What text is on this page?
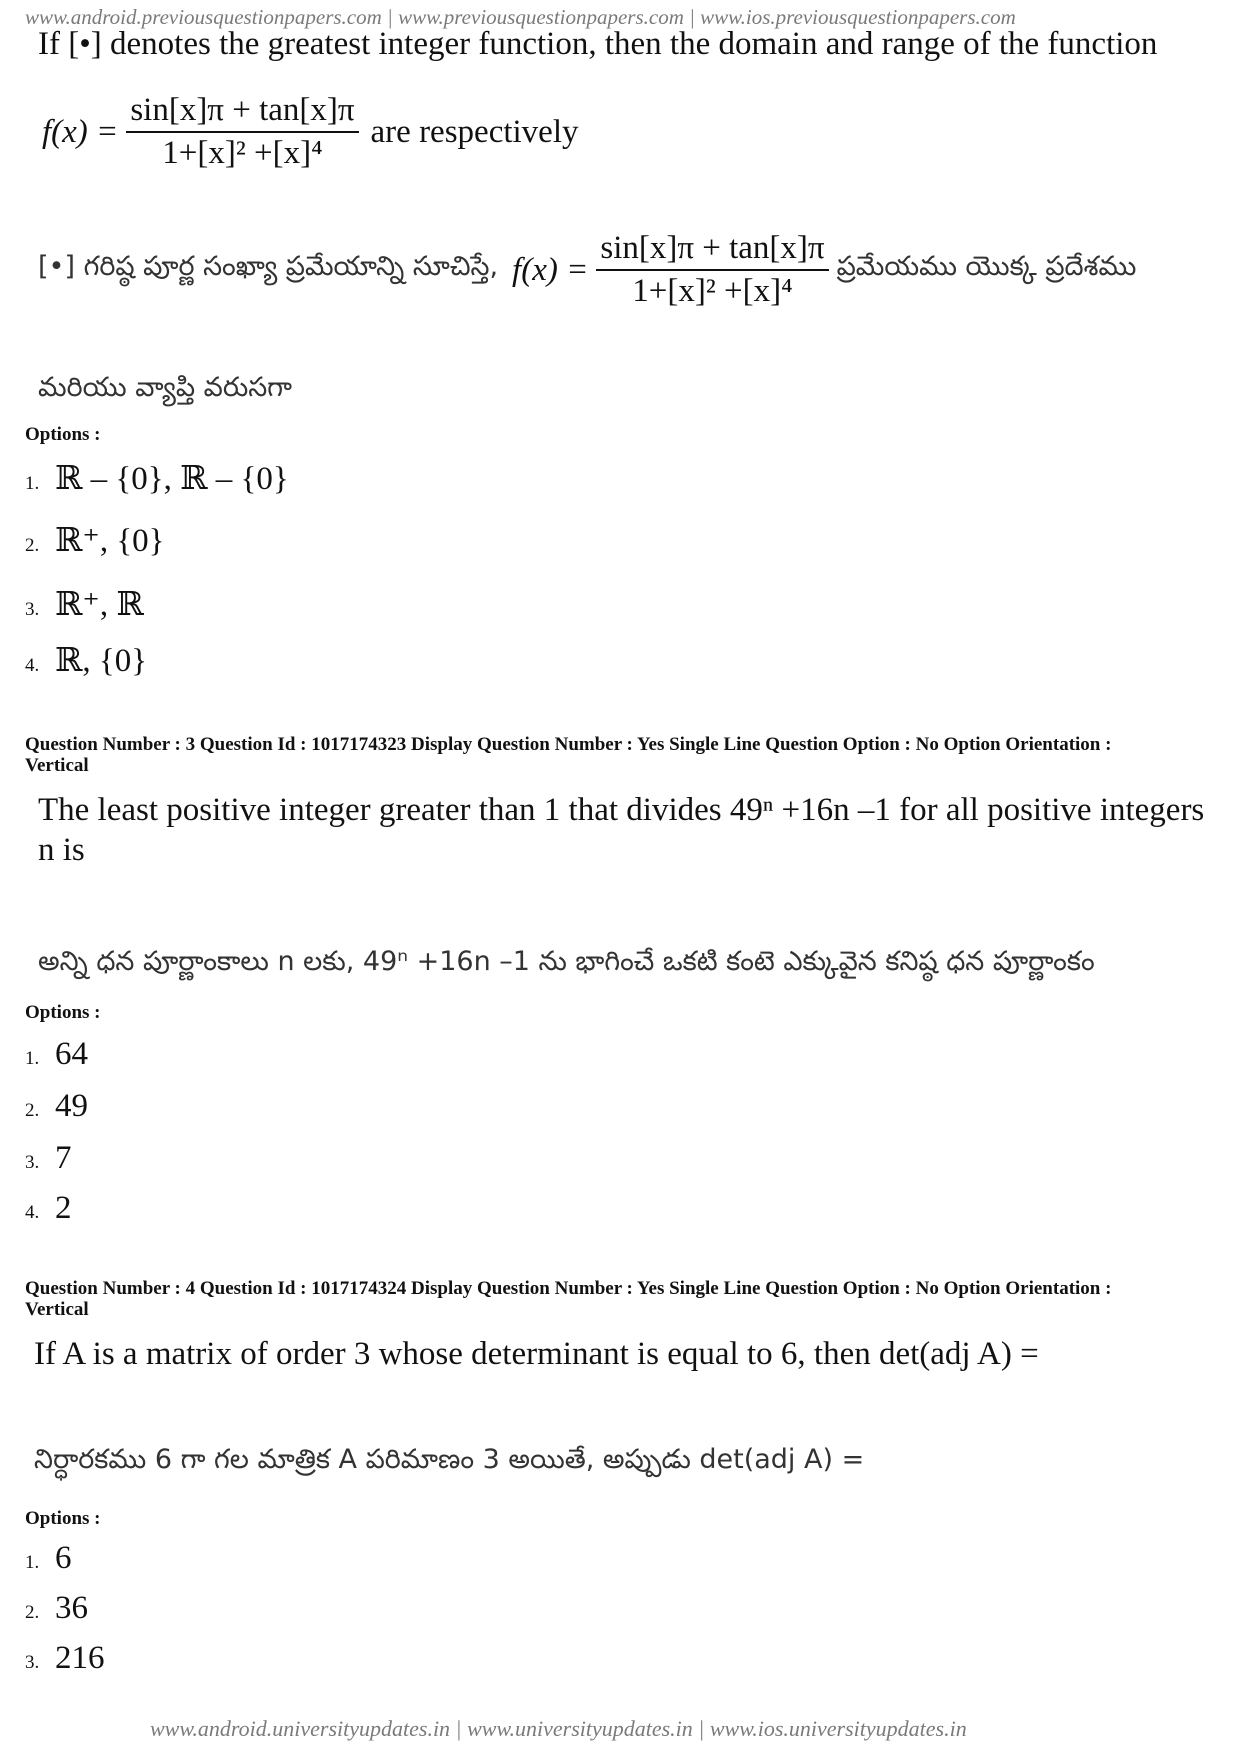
www.android.previousquestionpapers.com | www.previousquestionpapers.com | www.ios.previousquestionpapers.com
If [•] denotes the greatest integer function, then the domain and range of the function
$f(x) = \frac{\sin[x]\pi + \tan[x]\pi}{\text{1+[x]² +[x]⁴}}$ are respectively
[•] గరిష్ఠ పూర్ణ సంఖ్యా ప్రమేయాన్ని సూచిస్తే, $f(x) = \frac{\sin[x]\pi + \tan[x]\pi}{\text{1+[x]² +[x]⁴}}$ ప్రమేయము యొక్క ప్రదేశము
మరియు వ్యాప్తి వరుసగా
Options :
1. ℝ – {0}, ℝ – {0}
2. ℝ⁺, {0}
3. ℝ⁺, ℝ
4. ℝ, {0}
Question Number : 3 Question Id : 1017174323 Display Question Number : Yes Single Line Question Option : No Option Orientation : Vertical
The least positive integer greater than 1 that divides 49ⁿ +16n –1 for all positive integers n is
అన్ని ధన పూర్ణాంకాలు n లకు, 49ⁿ +16n –1 ను భాగించే ఒకటి కంటె ఎక్కువైన కనిష్ఠ ధన పూర్ణాంకం
Options :
1. 64
2. 49
3. 7
4. 2
Question Number : 4 Question Id : 1017174324 Display Question Number : Yes Single Line Question Option : No Option Orientation : Vertical
If A is a matrix of order 3 whose determinant is equal to 6, then det(adj A) =
నిర్ధారకము 6 గా గల మాత్రిక A పరిమాణం 3 అయితే, అప్పుడు det(adj A) =
Options :
1. 6
2. 36
3. 216
www.android.universityupdates.in | www.universityupdates.in | www.ios.universityupdates.in
